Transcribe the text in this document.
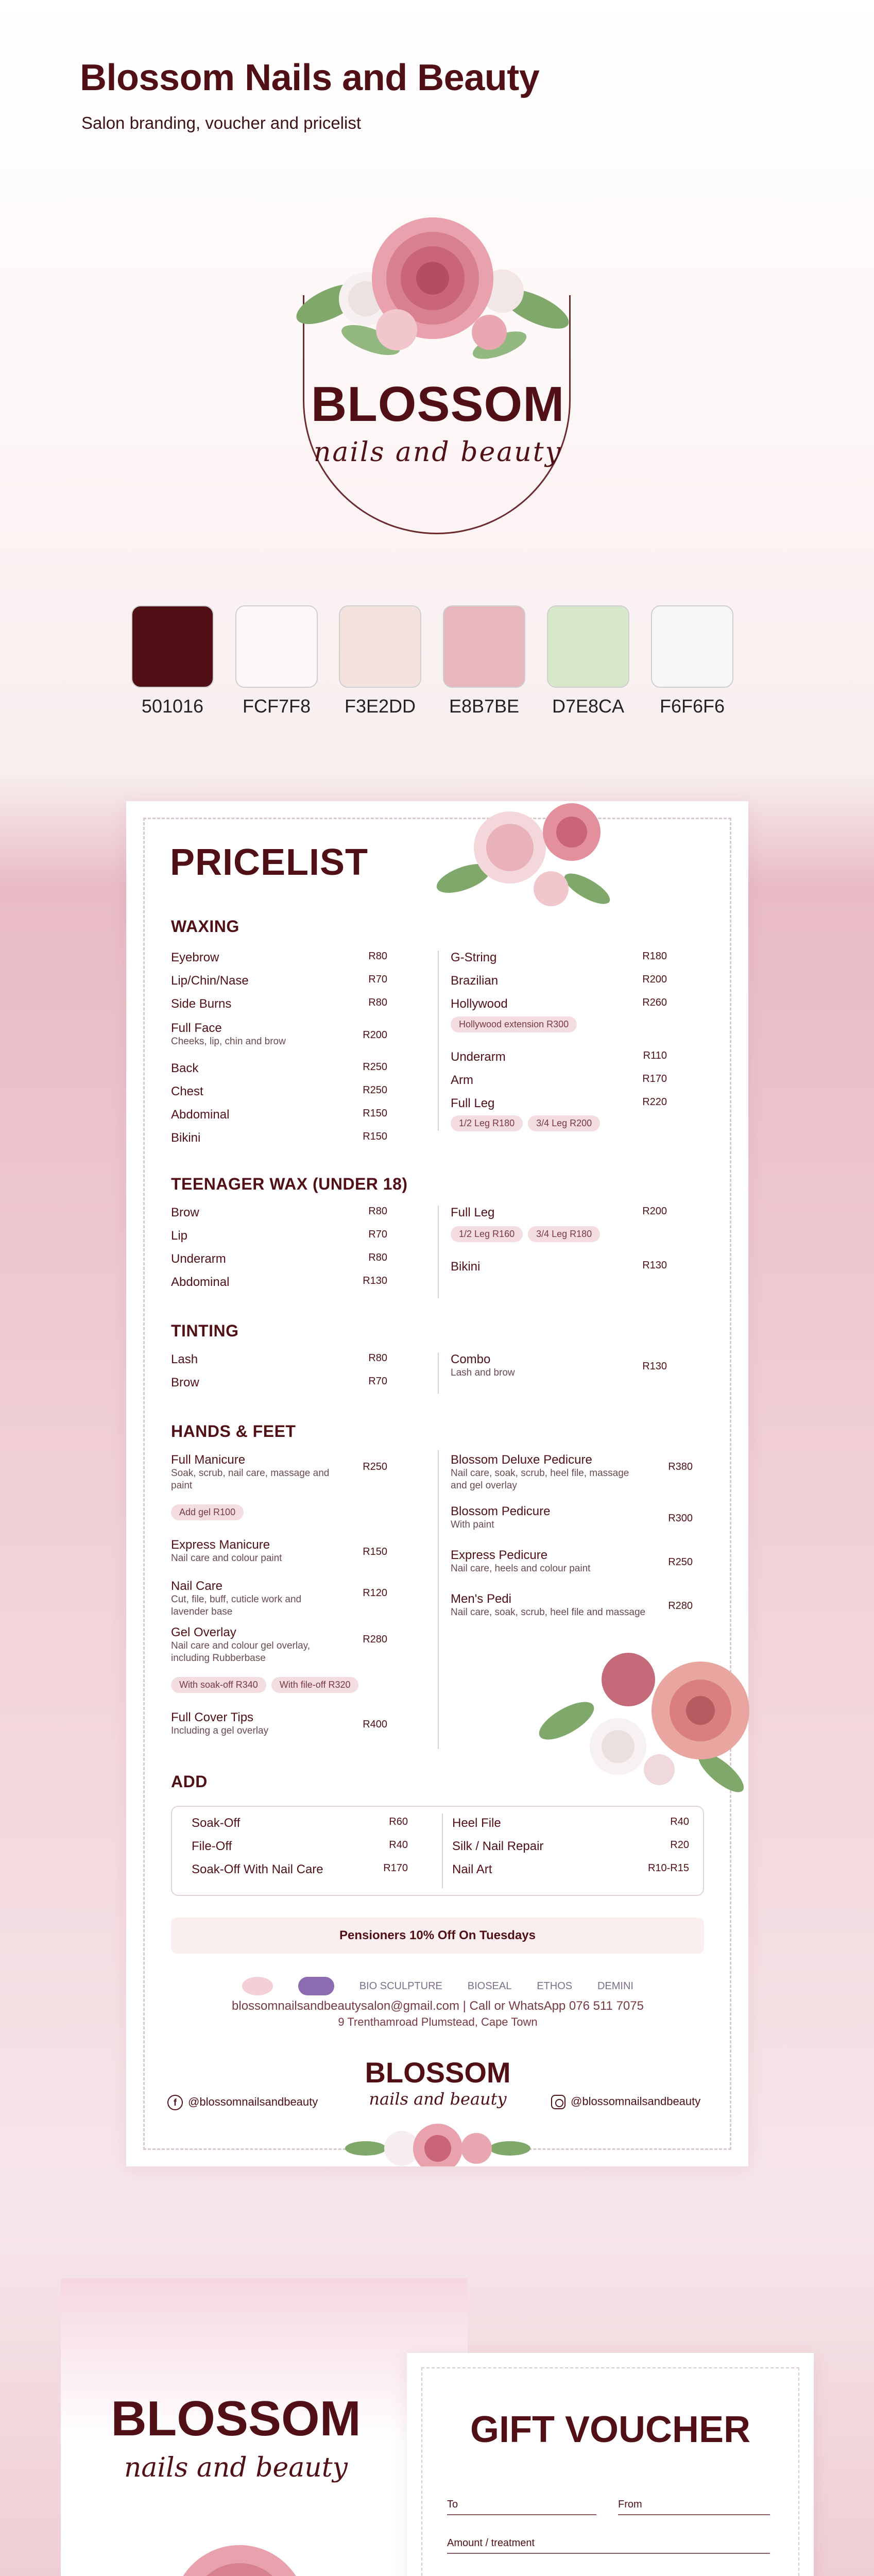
Blossom Nails and Beauty
Salon branding, voucher and pricelist
BLOSSOM
nails and beauty
501016	FCF7F8	F3E2DD	E8B7BE	D7E8CA	F6F6F6
PRICELIST
WAXING
Eyebrow	R80
Lip/Chin/Nase	R70
Side Burns	R80
Full Face
Cheeks, lip, chin and brow
R200
Back	R250
Chest	R250
Abdominal	R150
Bikini	R150
G-String	R180
Brazilian	R200
Hollywood	R260
Underarm	R110
Arm	R170
Full Leg	R220
Hollywood extension R300
1/2 Leg R180 3/4 Leg R200
TEENAGER WAX (UNDER 18)
Brow	R80
Lip	R70
Underarm	R80
Abdominal	R130
Full Leg	R200
1/2 Leg R160 3/4 Leg R180
Bikini	R130
TINTING
Lash	R80
Brow	R70
Combo
Lash and brow
R130
HANDS & FEET
Full Manicure
Soak, scrub, nail care, massage and paint
R250
Add gel R100
Express Manicure
Nail care and colour paint
R150
Nail Care
Cut, file, buff, cuticle work and lavender base
R120
Gel Overlay
Nail care and colour gel overlay, including Rubberbase
R280
With soak-off R340 With file-off R320
Full Cover Tips
Including a gel overlay
R400
Blossom Deluxe Pedicure
Nail care, soak, scrub, heel file, massage and gel overlay
R380
Blossom Pedicure
With paint
R300
Express Pedicure
Nail care, heels and colour paint
R250
Men's Pedi
Nail care, soak, scrub, heel file and massage
R280
ADD
Soak-Off	R60
File-Off	R40
Soak-Off With Nail Care	R170
Heel File	R40
Silk / Nail Repair	R20
Nail Art	R10-R15
Pensioners 10% Off On Tuesdays
BIO SCULPTURE BIOSEAL ETHOS DEMINI
blossomnailsandbeautysalon@gmail.com | Call or WhatsApp 076 511 7075
9 Trenthamroad Plumstead, Cape Town
f @blossomnailsandbeauty	@blossomnailsandbeauty
BLOSSOM
nails and beauty
BLOSSOM
nails and beauty
GIFT VOUCHER
To	From
Amount / treatment
